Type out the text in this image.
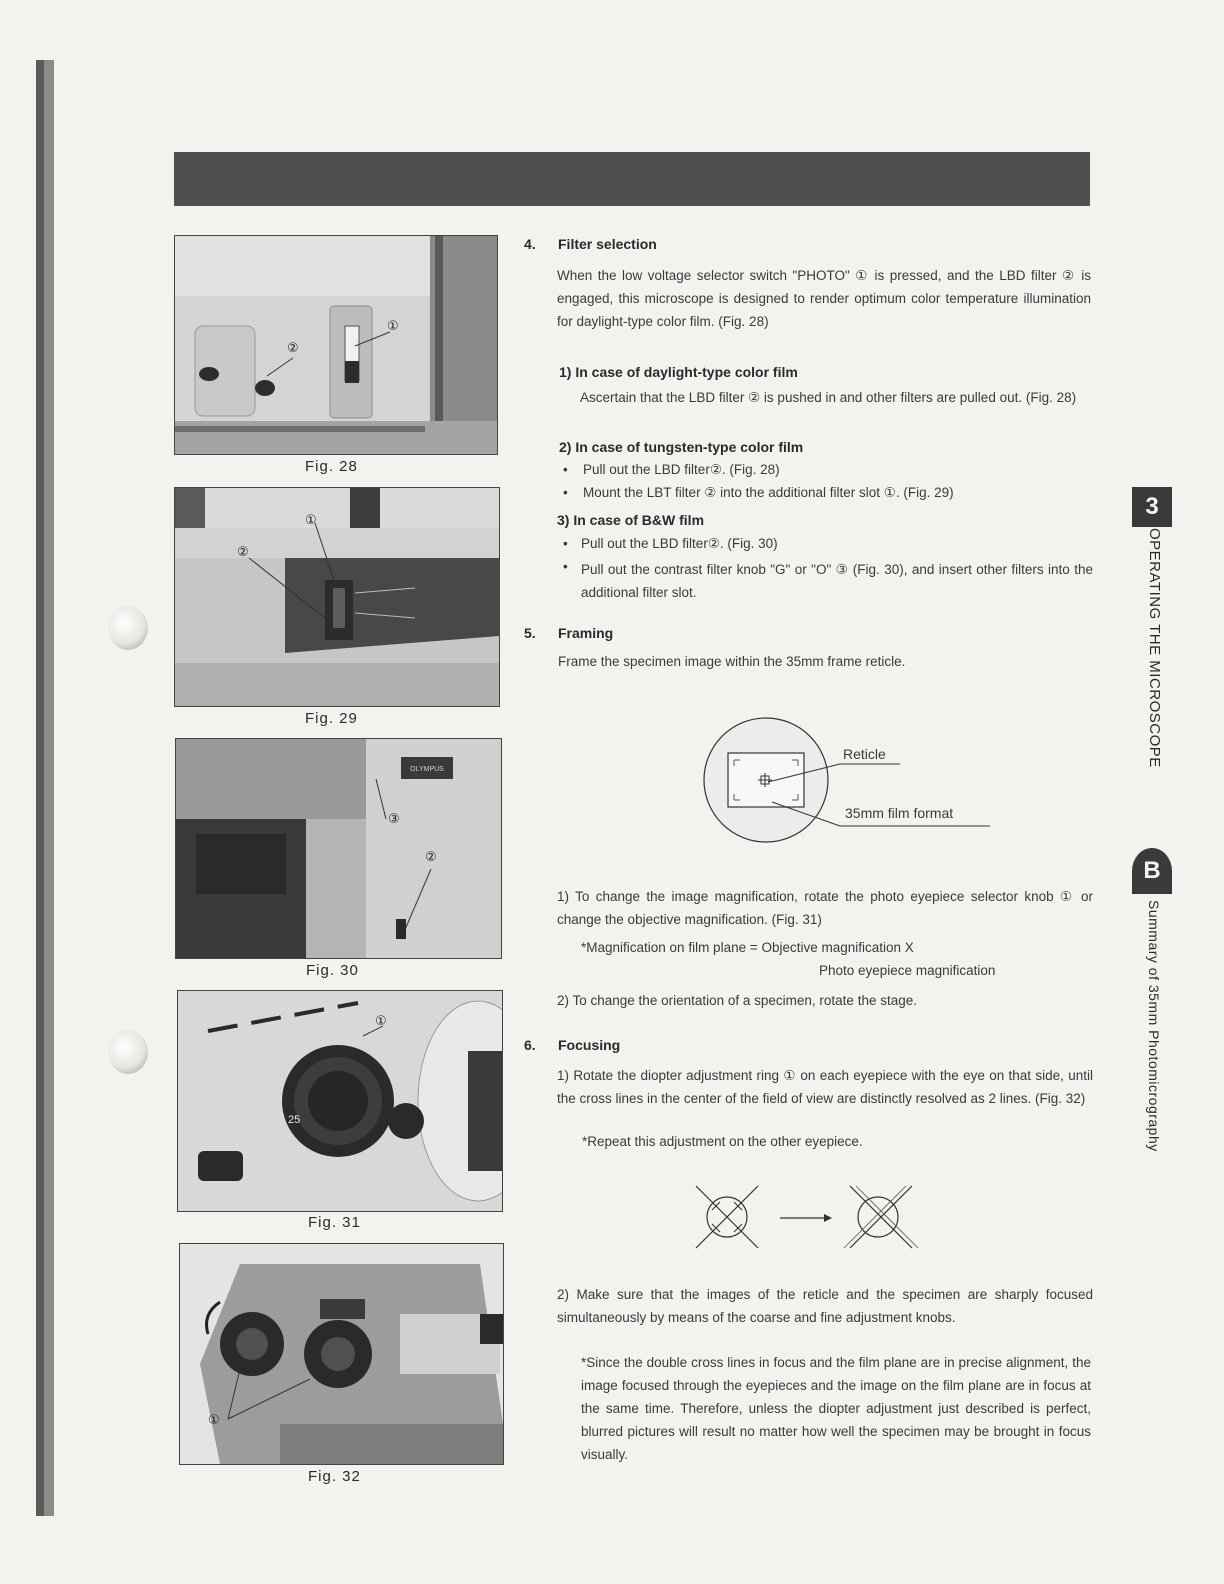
①
②
Fig. 28
①
②
Fig. 29
OLYMPUS
③
②
Fig. 30
25
①
Fig. 31
①
Fig. 32
4. Filter selection
When the low voltage selector switch "PHOTO" ① is pressed, and the LBD filter ② is engaged, this microscope is designed to render optimum color temperature illumination for daylight-type color film. (Fig. 28)
1) In case of daylight-type color film
Ascertain that the LBD filter ② is pushed in and other filters are pulled out. (Fig. 28)
2) In case of tungsten-type color film
• Pull out the LBD filter②. (Fig. 28)
• Mount the LBT filter ② into the additional filter slot ①. (Fig. 29)
3) In case of B&W film
• Pull out the LBD filter②. (Fig. 30)
• Pull out the contrast filter knob "G" or "O" ③ (Fig. 30), and insert other filters into the additional filter slot.
5. Framing
Frame the specimen image within the 35mm frame reticle.
Reticle
35mm film format
1) To change the image magnification, rotate the photo eyepiece selector knob ① or change the objective magnification. (Fig. 31)
*Magnification on film plane = Objective magnification X
Photo eyepiece magnification
2) To change the orientation of a specimen, rotate the stage.
6. Focusing
1) Rotate the diopter adjustment ring ① on each eyepiece with the eye on that side, until the cross lines in the center of the field of view are distinctly resolved as 2 lines. (Fig. 32)
*Repeat this adjustment on the other eyepiece.
2) Make sure that the images of the reticle and the specimen are sharply focused simultaneously by means of the coarse and fine adjustment knobs.
*Since the double cross lines in focus and the film plane are in precise alignment, the image focused through the eyepieces and the image on the film plane are in focus at the same time. Therefore, unless the diopter adjustment just described is perfect, blurred pictures will result no matter how well the specimen may be brought in focus visually.
3
OPERATING THE MICROSCOPE
B
Summary of 35mm Photomicrography
